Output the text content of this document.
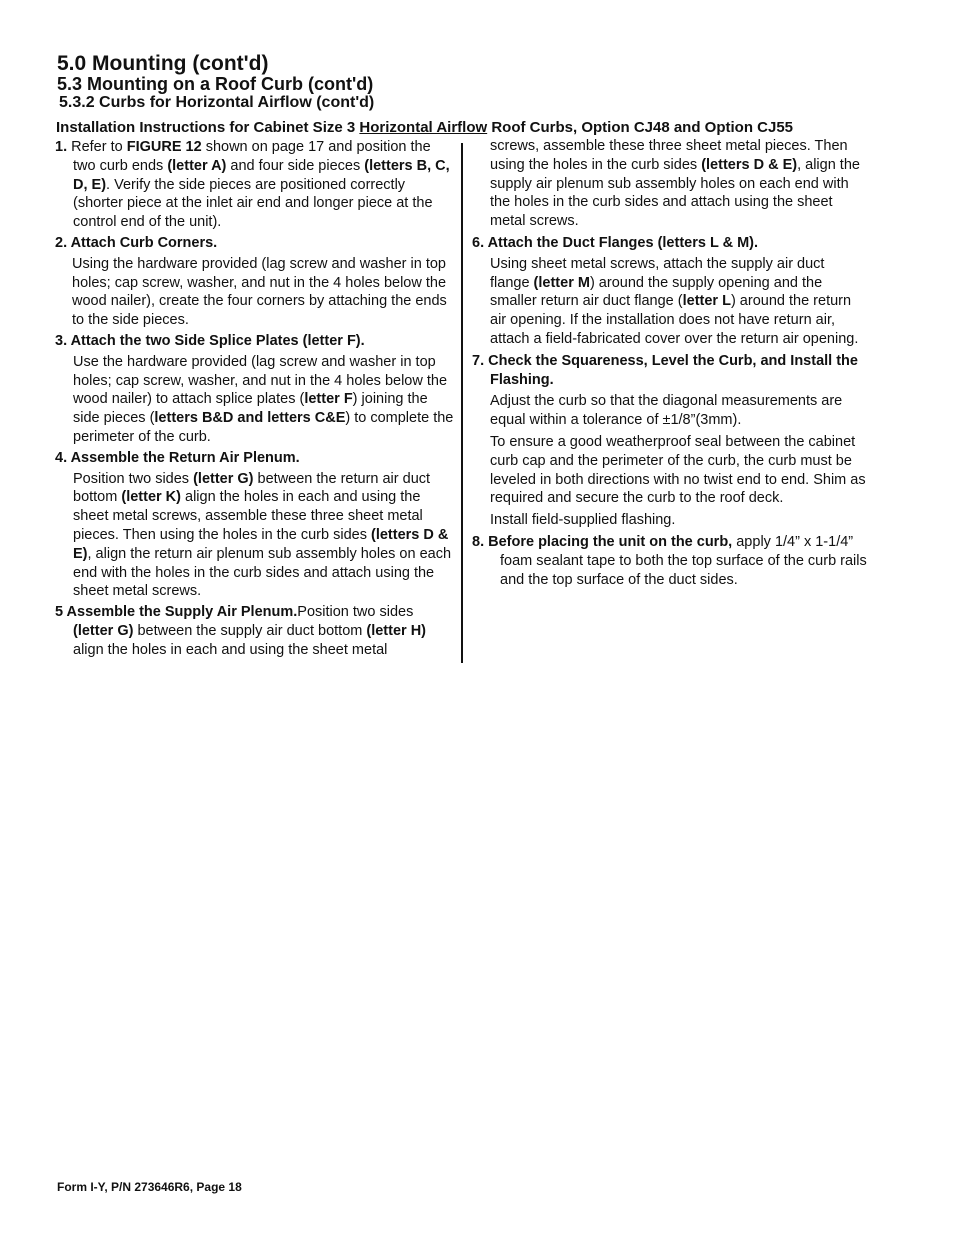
5.0 Mounting (cont'd)
5.3 Mounting on a Roof Curb (cont'd)
5.3.2 Curbs for Horizontal Airflow (cont'd)
Installation Instructions for Cabinet Size 3 Horizontal Airflow Roof Curbs, Option CJ48 and Option CJ55
1. Refer to FIGURE 12 shown on page 17 and position the two curb ends (letter A) and four side pieces (letters B, C, D, E). Verify the side pieces are positioned correctly (shorter piece at the inlet air end and longer piece at the control end of the unit).
2. Attach Curb Corners.
Using the hardware provided (lag screw and washer in top holes; cap screw, washer, and nut in the 4 holes below the wood nailer), create the four corners by attaching the ends to the side pieces.
3. Attach the two Side Splice Plates (letter F).
Use the hardware provided (lag screw and washer in top holes; cap screw, washer, and nut in the 4 holes below the wood nailer) to attach splice plates (letter F) joining the side pieces (letters B&D and letters C&E) to complete the perimeter of the curb.
4. Assemble the Return Air Plenum.
Position two sides (letter G) between the return air duct bottom (letter K) align the holes in each and using the sheet metal screws, assemble these three sheet metal pieces. Then using the holes in the curb sides (letters D & E), align the return air plenum sub assembly holes on each end with the holes in the curb sides and attach using the sheet metal screws.
5 Assemble the Supply Air Plenum.Position two sides (letter G) between the supply air duct bottom (letter H) align the holes in each and using the sheet metal
screws, assemble these three sheet metal pieces. Then using the holes in the curb sides (letters D & E), align the supply air plenum sub assembly holes on each end with the holes in the curb sides and attach using the sheet metal screws.
6. Attach the Duct Flanges (letters L & M).
Using sheet metal screws, attach the supply air duct flange (letter M) around the supply opening and the smaller return air duct flange (letter L) around the return air opening. If the installation does not have return air, attach a field-fabricated cover over the return air opening.
7. Check the Squareness, Level the Curb, and Install the Flashing.
Adjust the curb so that the diagonal measurements are equal within a tolerance of ±1/8”(3mm).
To ensure a good weatherproof seal between the cabinet curb cap and the perimeter of the curb, the curb must be leveled in both directions with no twist end to end. Shim as required and secure the curb to the roof deck.
Install field-supplied flashing.
8. Before placing the unit on the curb, apply 1/4” x 1-1/4” foam sealant tape to both the top surface of the curb rails and the top surface of the duct sides.
Form I-Y, P/N 273646R6, Page 18
